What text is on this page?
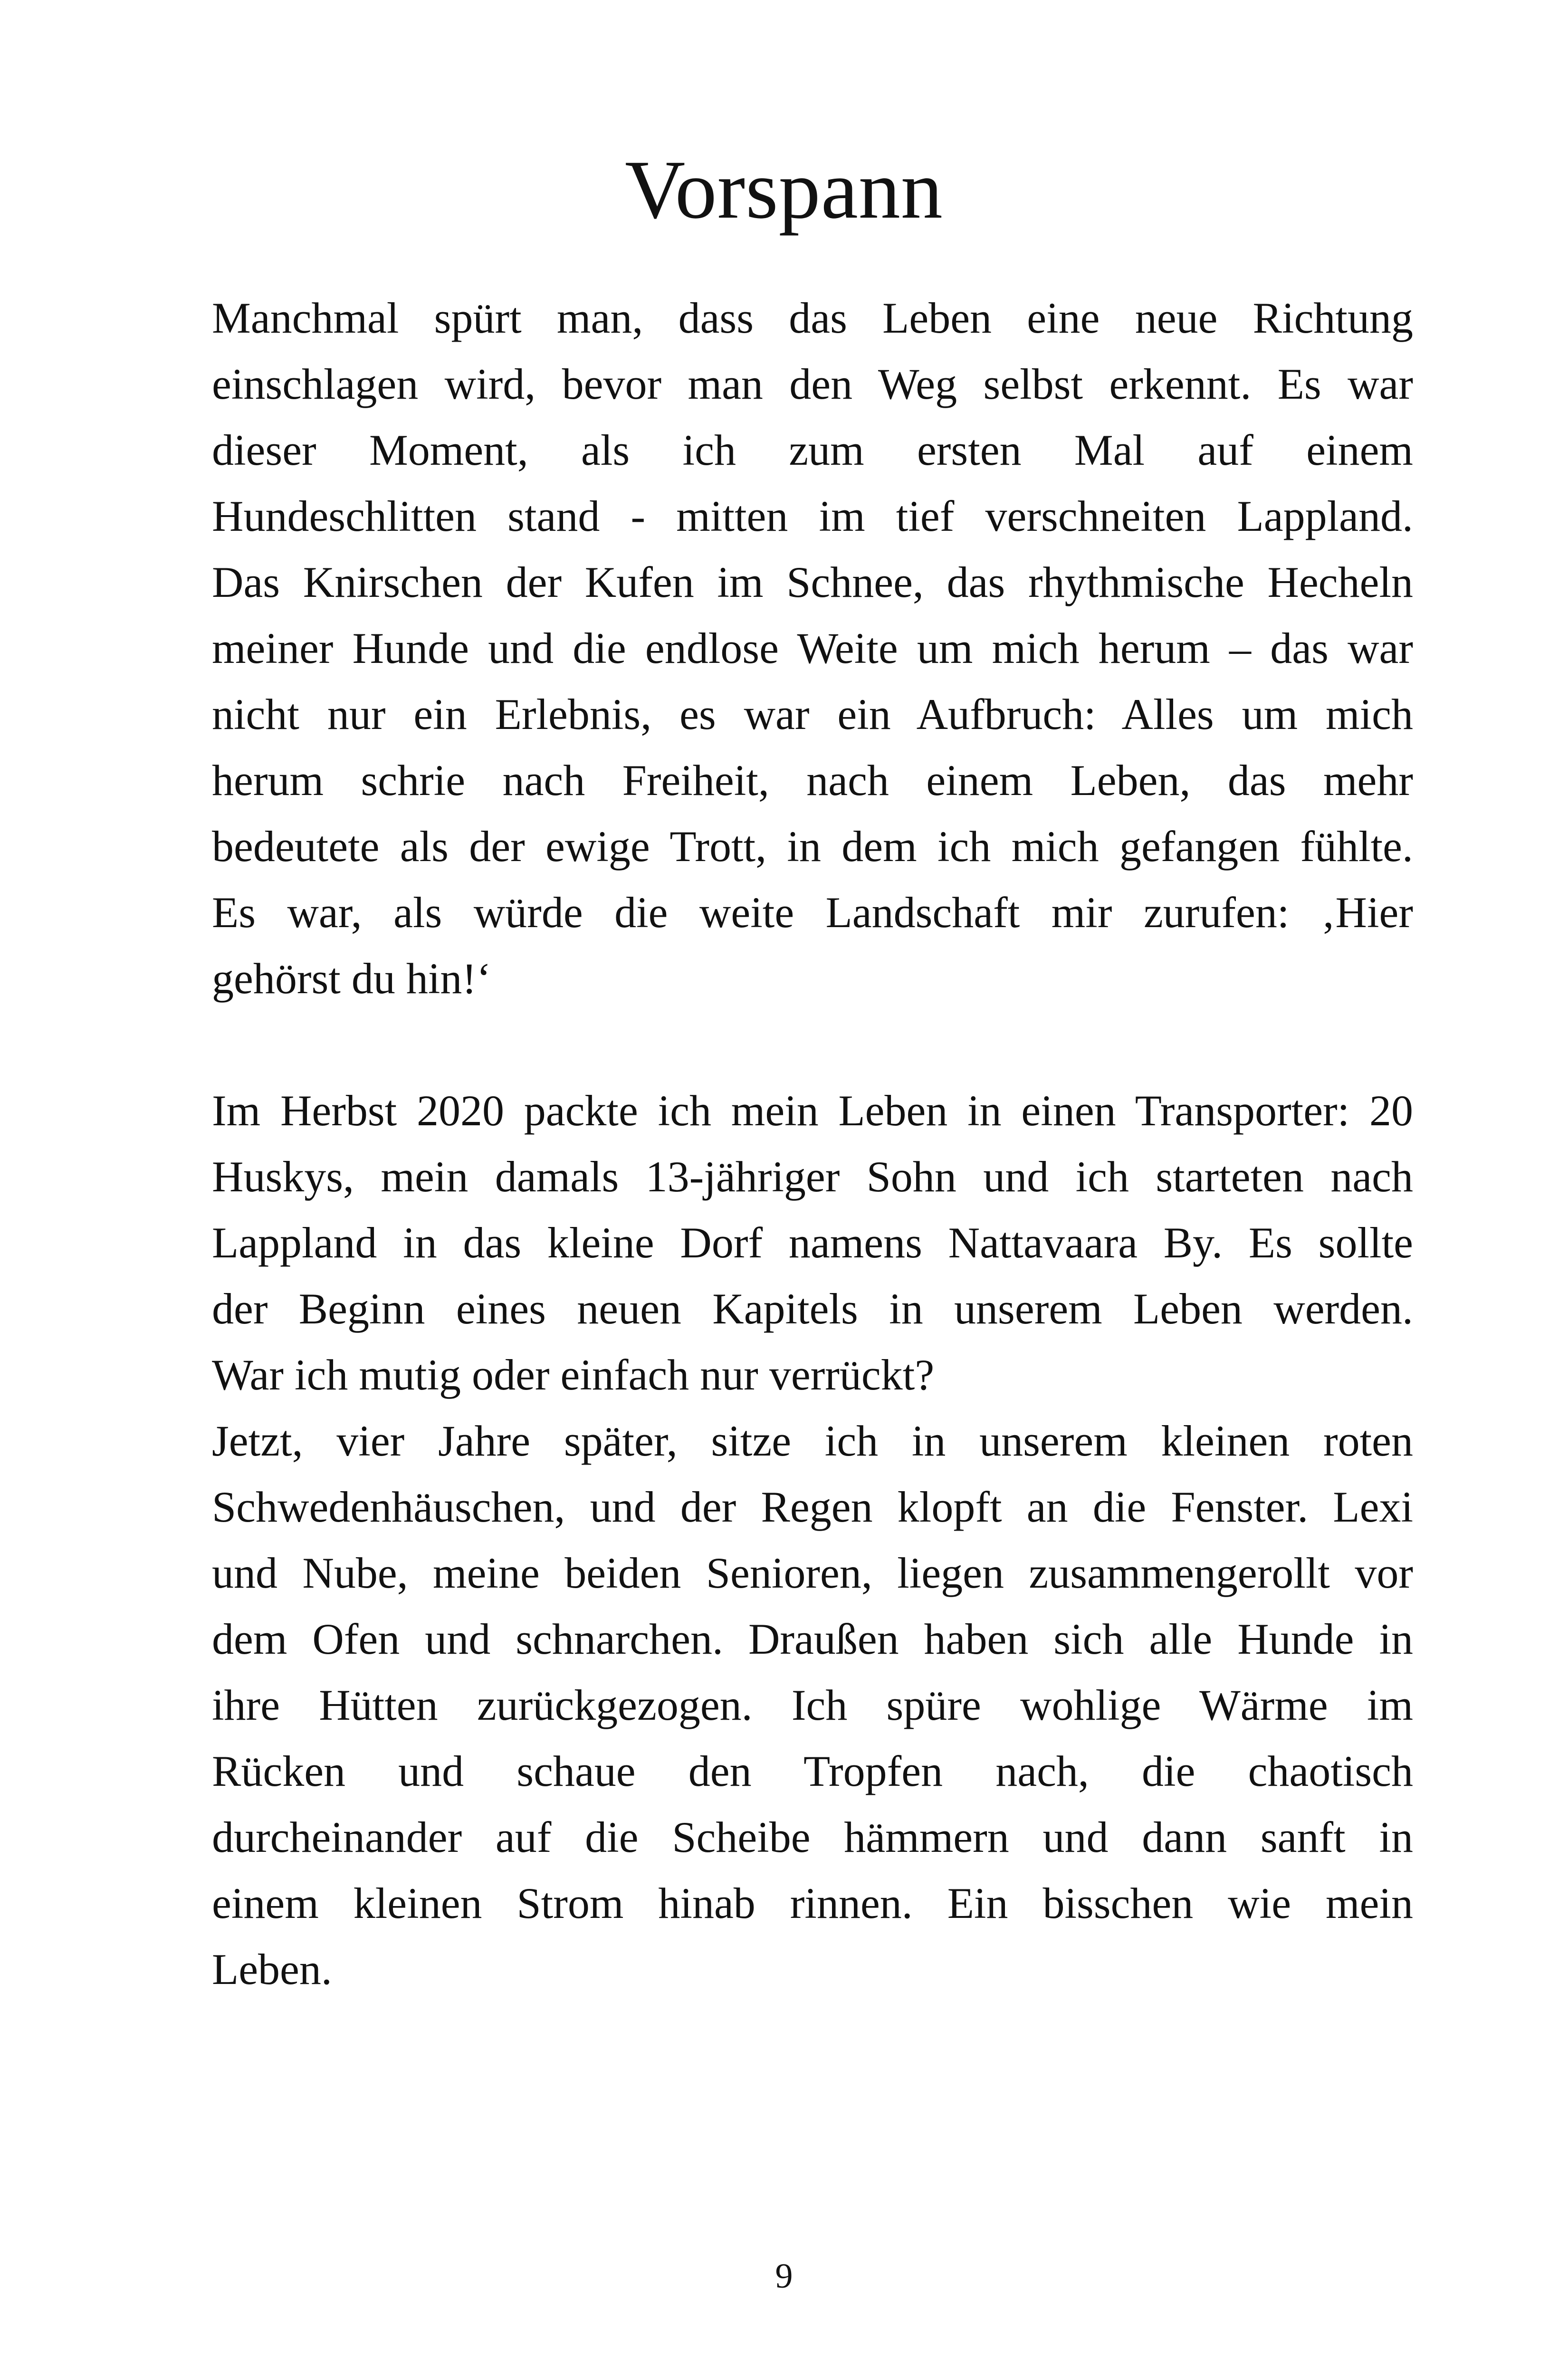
Vorspann
Manchmal spürt man, dass das Leben eine neue Richtung
einschlagen wird, bevor man den Weg selbst erkennt. Es war
dieser Moment, als ich zum ersten Mal auf einem
Hundeschlitten stand - mitten im tief verschneiten Lappland.
Das Knirschen der Kufen im Schnee, das rhythmische Hecheln
meiner Hunde und die endlose Weite um mich herum – das war
nicht nur ein Erlebnis, es war ein Aufbruch: Alles um mich
herum schrie nach Freiheit, nach einem Leben, das mehr
bedeutete als der ewige Trott, in dem ich mich gefangen fühlte.
Es war, als würde die weite Landschaft mir zurufen: ‚Hier
gehörst du hin!‘
Im Herbst 2020 packte ich mein Leben in einen Transporter: 20
Huskys, mein damals 13-jähriger Sohn und ich starteten nach
Lappland in das kleine Dorf namens Nattavaara By. Es sollte
der Beginn eines neuen Kapitels in unserem Leben werden.
War ich mutig oder einfach nur verrückt?
Jetzt, vier Jahre später, sitze ich in unserem kleinen roten
Schwedenhäuschen, und der Regen klopft an die Fenster. Lexi
und Nube, meine beiden Senioren, liegen zusammengerollt vor
dem Ofen und schnarchen. Draußen haben sich alle Hunde in
ihre Hütten zurückgezogen. Ich spüre wohlige Wärme im
Rücken und schaue den Tropfen nach, die chaotisch
durcheinander auf die Scheibe hämmern und dann sanft in
einem kleinen Strom hinab rinnen. Ein bisschen wie mein
Leben.
9
